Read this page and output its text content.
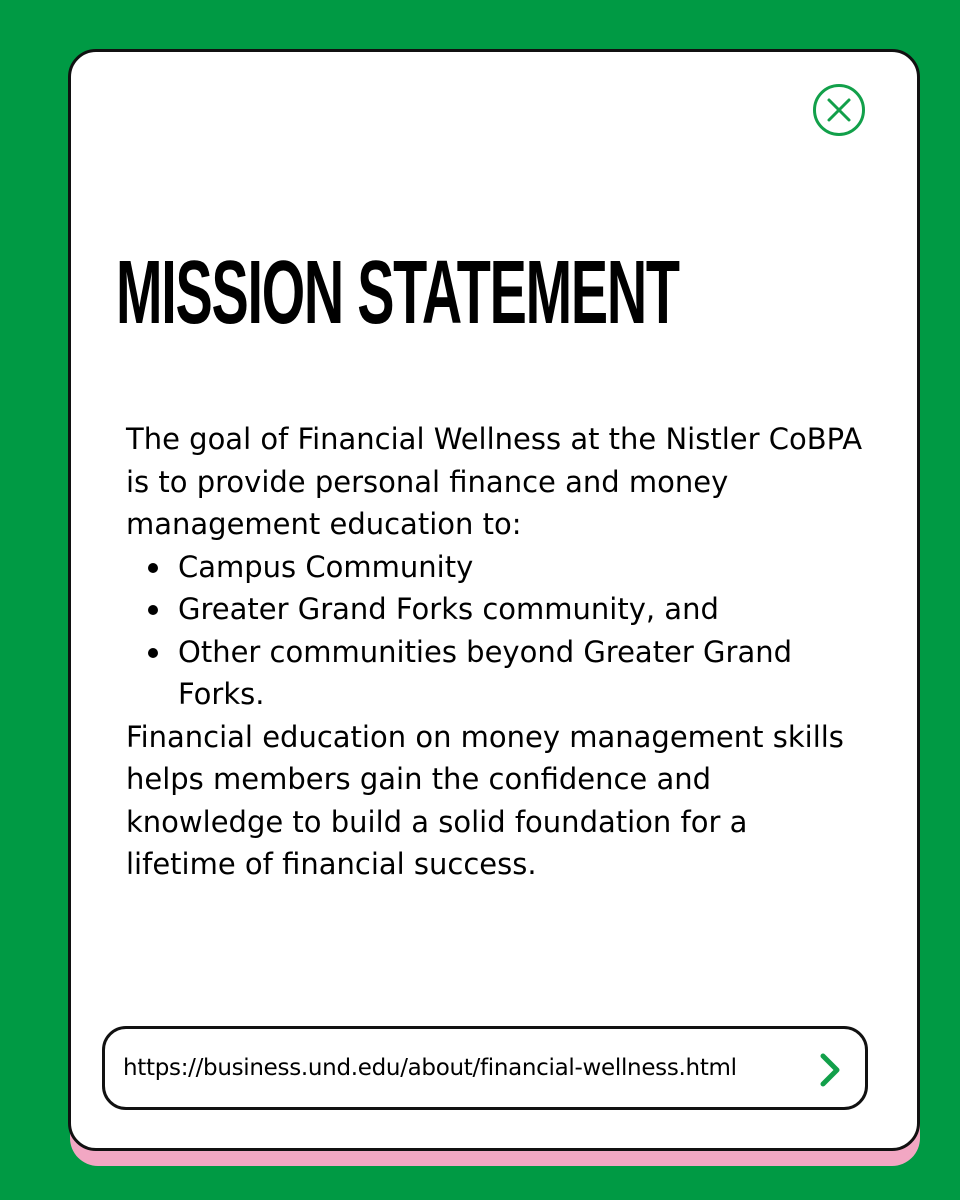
MISSION STATEMENT

The goal of Financial Wellness at the Nistler CoBPA is to provide personal finance and money management education to:

Campus Community
Greater Grand Forks community, and
Other communities beyond Greater Grand Forks.

Financial education on money management skills helps members gain the confidence and knowledge to build a solid foundation for a lifetime of financial success.

https://business.und.edu/about/financial-wellness.html
